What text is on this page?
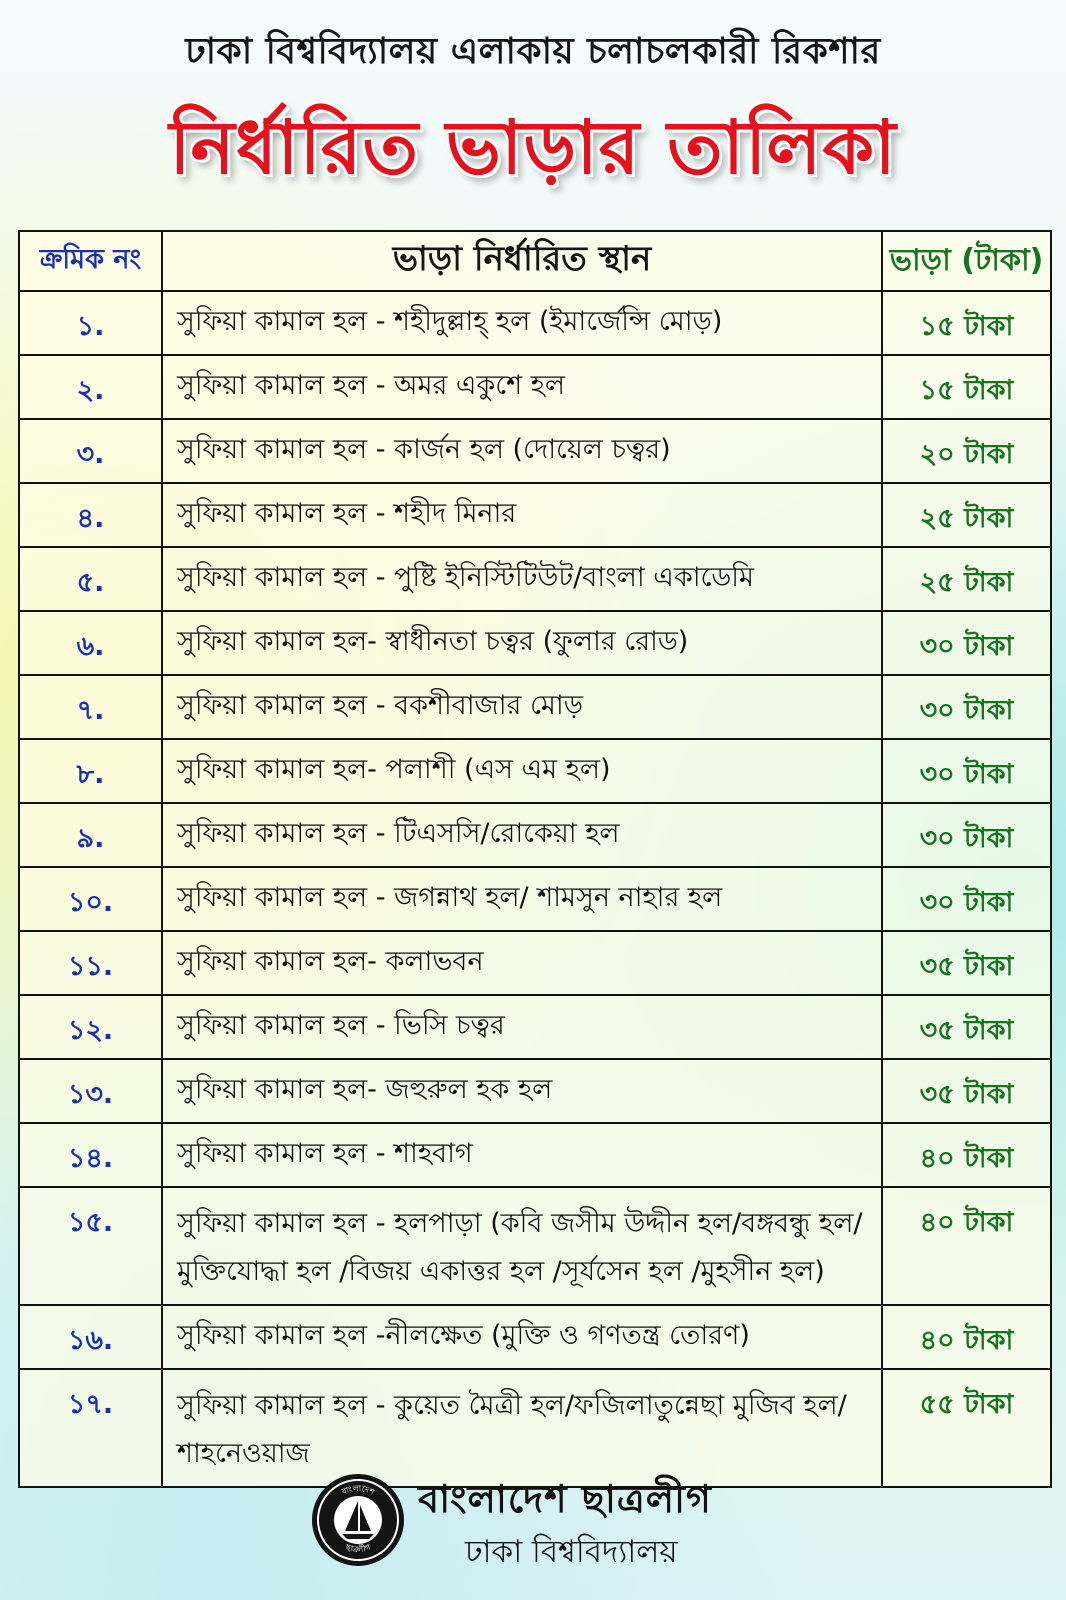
ঢাকা বিশ্ববিদ্যালয় এলাকায় চলাচলকারী রিকশার
নির্ধারিত ভাড়ার তালিকা
ক্রমিক নং	ভাড়া নির্ধারিত স্থান	ভাড়া (টাকা)
১.	সুফিয়া কামাল হল - শহীদুল্লাহ্ হল (ইমার্জেন্সি মোড়)	১৫ টাকা
২.	সুফিয়া কামাল হল - অমর একুশে হল	১৫ টাকা
৩.	সুফিয়া কামাল হল - কার্জন হল (দোয়েল চত্বর)	২০ টাকা
৪.	সুফিয়া কামাল হল - শহীদ মিনার	২৫ টাকা
৫.	সুফিয়া কামাল হল - পুষ্টি ইনিস্টিটিউট/বাংলা একাডেমি	২৫ টাকা
৬.	সুফিয়া কামাল হল- স্বাধীনতা চত্বর (ফুলার রোড)	৩০ টাকা
৭.	সুফিয়া কামাল হল - বকশীবাজার মোড়	৩০ টাকা
৮.	সুফিয়া কামাল হল- পলাশী (এস এম হল)	৩০ টাকা
৯.	সুফিয়া কামাল হল - টিএসসি/রোকেয়া হল	৩০ টাকা
১০.	সুফিয়া কামাল হল - জগন্নাথ হল/ শামসুন নাহার হল	৩০ টাকা
১১.	সুফিয়া কামাল হল- কলাভবন	৩৫ টাকা
১২.	সুফিয়া কামাল হল - ভিসি চত্বর	৩৫ টাকা
১৩.	সুফিয়া কামাল হল- জহুরুল হক হল	৩৫ টাকা
১৪.	সুফিয়া কামাল হল - শাহবাগ	৪০ টাকা
১৫.	সুফিয়া কামাল হল - হলপাড়া (কবি জসীম উদ্দীন হল/বঙ্গবন্ধু হল/মুক্তিযোদ্ধা হল /বিজয় একাত্তর হল /সূর্যসেন হল /মুহসীন হল)	৪০ টাকা
১৬.	সুফিয়া কামাল হল -নীলক্ষেত (মুক্তি ও গণতন্ত্র তোরণ)	৪০ টাকা
১৭.	সুফিয়া কামাল হল - কুয়েত মৈত্রী হল/ফজিলাতুন্নেছা মুজিব হল/শাহনেওয়াজ	৫৫ টাকা
বাংলাদেশ
ছাত্রলীগ
বাংলাদেশ ছাত্রলীগ
ঢাকা বিশ্ববিদ্যালয়
